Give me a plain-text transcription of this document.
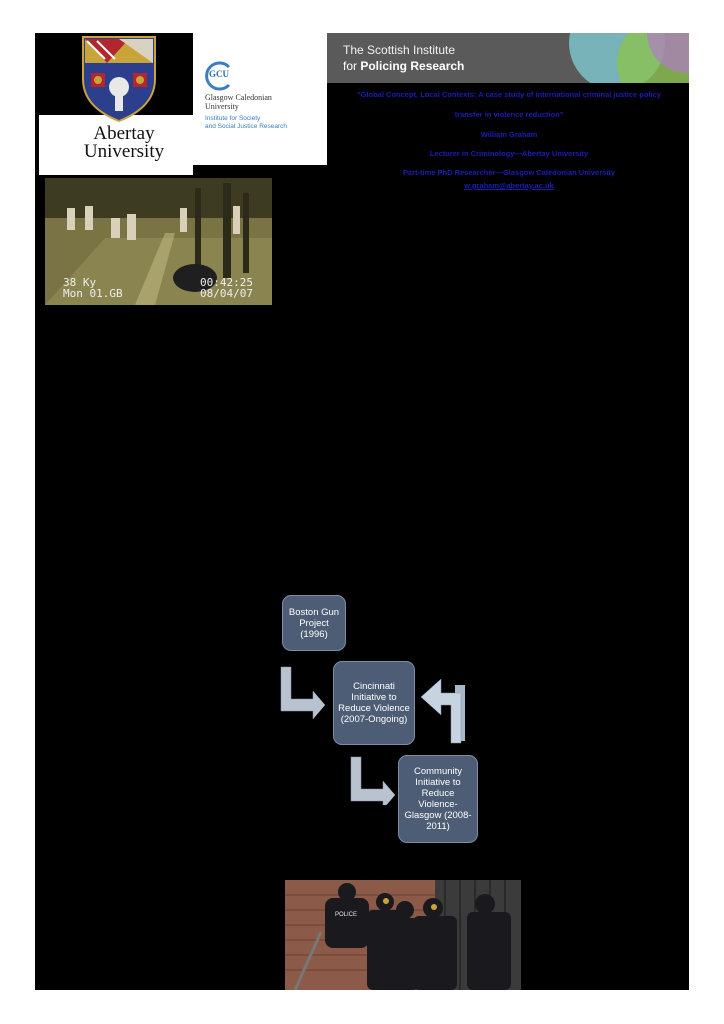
Abertay
University
GCU
Glasgow Caledonian
University
Institute for Society
and Social Justice Research
The Scottish Institute
for Policing Research
"Global Concept, Local Contexts: A case study of international criminal justice policy
transfer in violence reduction"
William Graham
Lecturer in Criminology—Abertay University
Part-time PhD Researcher—Glasgow Caledonian University
w.graham@abertay.ac.uk
38 Ky
Mon 01.GB
00:42:25
08/04/07
Boston Gun Project (1996)
Cincinnati Initiative to Reduce Violence (2007-Ongoing)
Community Initiative to Reduce Violence- Glasgow (2008-2011)
POLICE
